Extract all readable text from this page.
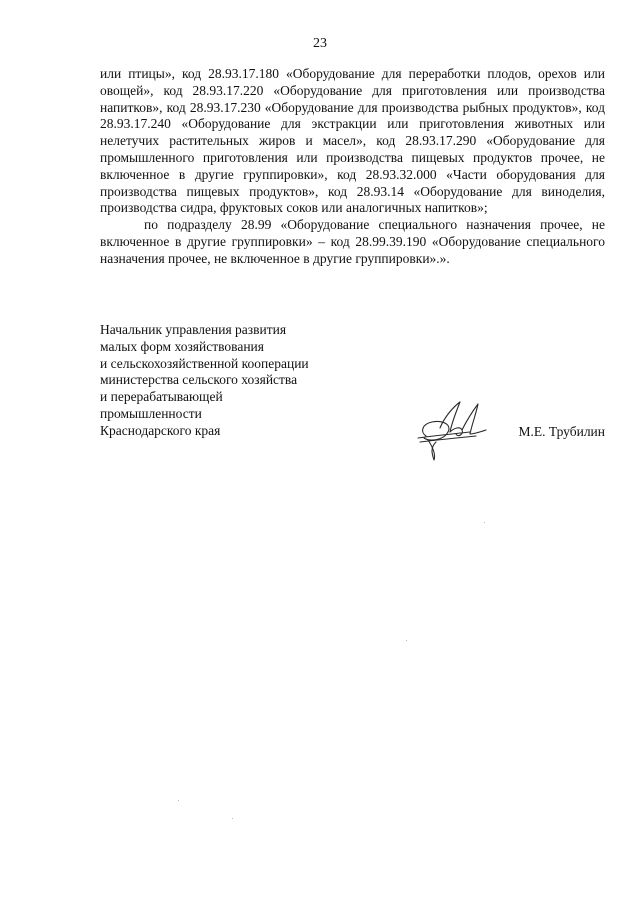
23

или птицы», код 28.93.17.180 «Оборудование для переработки плодов, орехов или овощей», код 28.93.17.220 «Оборудование для приготовления или производства напитков», код 28.93.17.230 «Оборудование для производства рыбных продуктов», код 28.93.17.240 «Оборудование для экстракции или приготовления животных или нелетучих растительных жиров и масел», код 28.93.17.290 «Оборудование для промышленного приготовления или производства пищевых продуктов прочее, не включенное в другие группировки», код 28.93.32.000 «Части оборудования для производства пищевых продуктов», код 28.93.14 «Оборудование для виноделия, производства сидра, фруктовых соков или аналогичных напитков»;

по подразделу 28.99 «Оборудование специального назначения прочее, не включенное в другие группировки» – код 28.99.39.190 «Оборудование специального назначения прочее, не включенное в другие группировки».».

Начальник управления развития
малых форм хозяйствования
и сельскохозяйственной кооперации
министерства сельского хозяйства
и перерабатывающей
промышленности
Краснодарского края	М.Е. Трубилин
